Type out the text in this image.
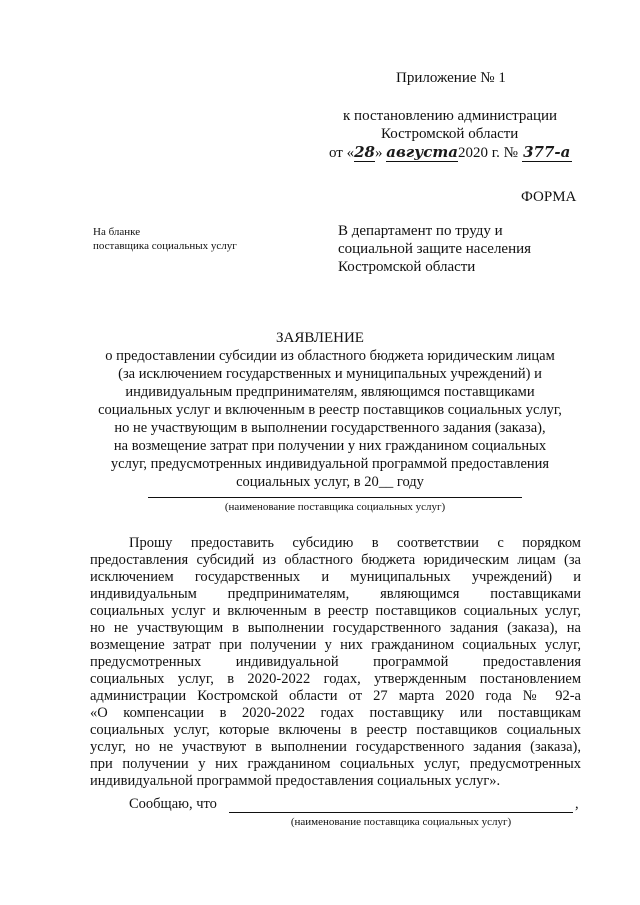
Приложение № 1
к постановлению администрации
Костромской области
от «28» августа2020 г. № 377-а
ФОРМА
На бланке
поставщика социальных услуг
В департамент по труду и
социальной защите населения
Костромской области
ЗАЯВЛЕНИЕ
о предоставлении субсидии из областного бюджета юридическим лицам
(за исключением государственных и муниципальных учреждений) и
индивидуальным предпринимателям, являющимся поставщиками
социальных услуг и включенным в реестр поставщиков социальных услуг,
но не участвующим в выполнении государственного задания (заказа),
на возмещение затрат при получении у них гражданином социальных
услуг, предусмотренных индивидуальной программой предоставления
социальных услуг, в 20__ году
(наименование поставщика социальных услуг)
Прошу предоставить субсидию в соответствии с порядком
предоставления субсидий из областного бюджета юридическим лицам (за
исключением государственных и муниципальных учреждений) и
индивидуальным предпринимателям, являющимся поставщиками
социальных услуг и включенным в реестр поставщиков социальных услуг,
но не участвующим в выполнении государственного задания (заказа), на
возмещение затрат при получении у них гражданином социальных услуг,
предусмотренных индивидуальной программой предоставления
социальных услуг, в 2020-2022 годах, утвержденным постановлением
администрации Костромской области от 27 марта 2020 года № 92-а
«О компенсации в 2020-2022 годах поставщику или поставщикам
социальных услуг, которые включены в реестр поставщиков социальных
услуг, но не участвуют в выполнении государственного задания (заказа),
при получении у них гражданином социальных услуг, предусмотренных
индивидуальной программой предоставления социальных услуг».
Сообщаю, что	,
(наименование поставщика социальных услуг)
